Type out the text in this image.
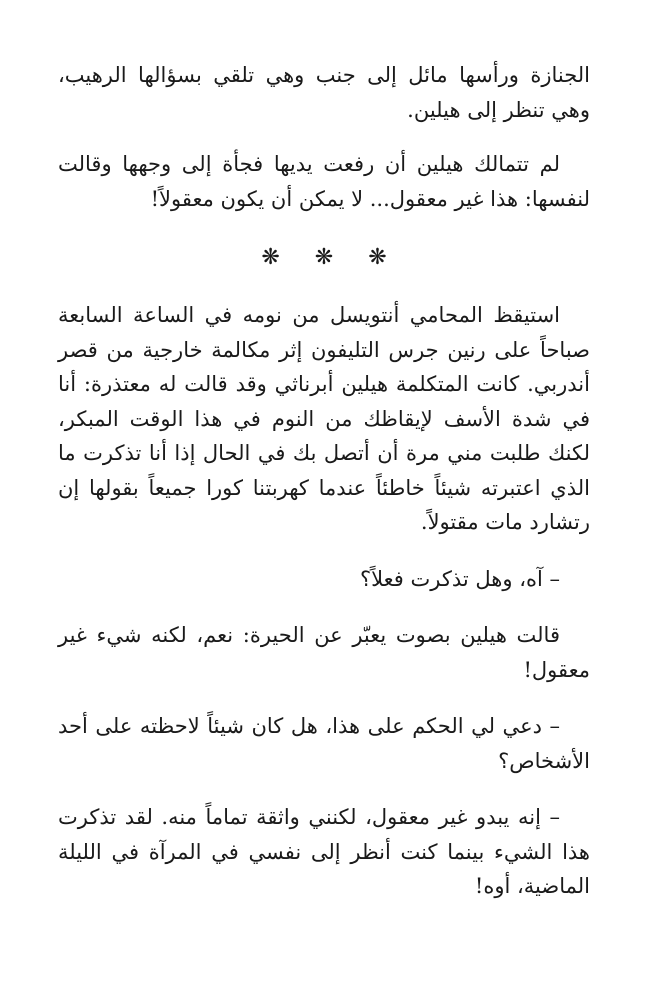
الجنازة ورأسها مائل إلى جنب وهي تلقي بسؤالها الرهيب، وهي تنظر إلى هيلين.

لم تتمالك هيلين أن رفعت يديها فجأة إلى وجهها وقالت لنفسها: هذا غير معقول... لا يمكن أن يكون معقولاً!

❋ ❋ ❋

استيقظ المحامي أنتويسل من نومه في الساعة السابعة صباحاً على رنين جرس التليفون إثر مكالمة خارجية من قصر أندربي. كانت المتكلمة هيلين أبرناثي وقد قالت له معتذرة: أنا في شدة الأسف لإيقاظك من النوم في هذا الوقت المبكر، لكنك طلبت مني مرة أن أتصل بك في الحال إذا أنا تذكرت ما الذي اعتبرته شيئاً خاطئاً عندما كهربتنا كورا جميعاً بقولها إن رتشارد مات مقتولاً.

– آه، وهل تذكرت فعلاً؟

قالت هيلين بصوت يعبّر عن الحيرة: نعم، لكنه شيء غير معقول!

– دعي لي الحكم على هذا، هل كان شيئاً لاحظته على أحد الأشخاص؟

– إنه يبدو غير معقول، لكنني واثقة تماماً منه. لقد تذكرت هذا الشيء بينما كنت أنظر إلى نفسي في المرآة في الليلة الماضية، أوه!
